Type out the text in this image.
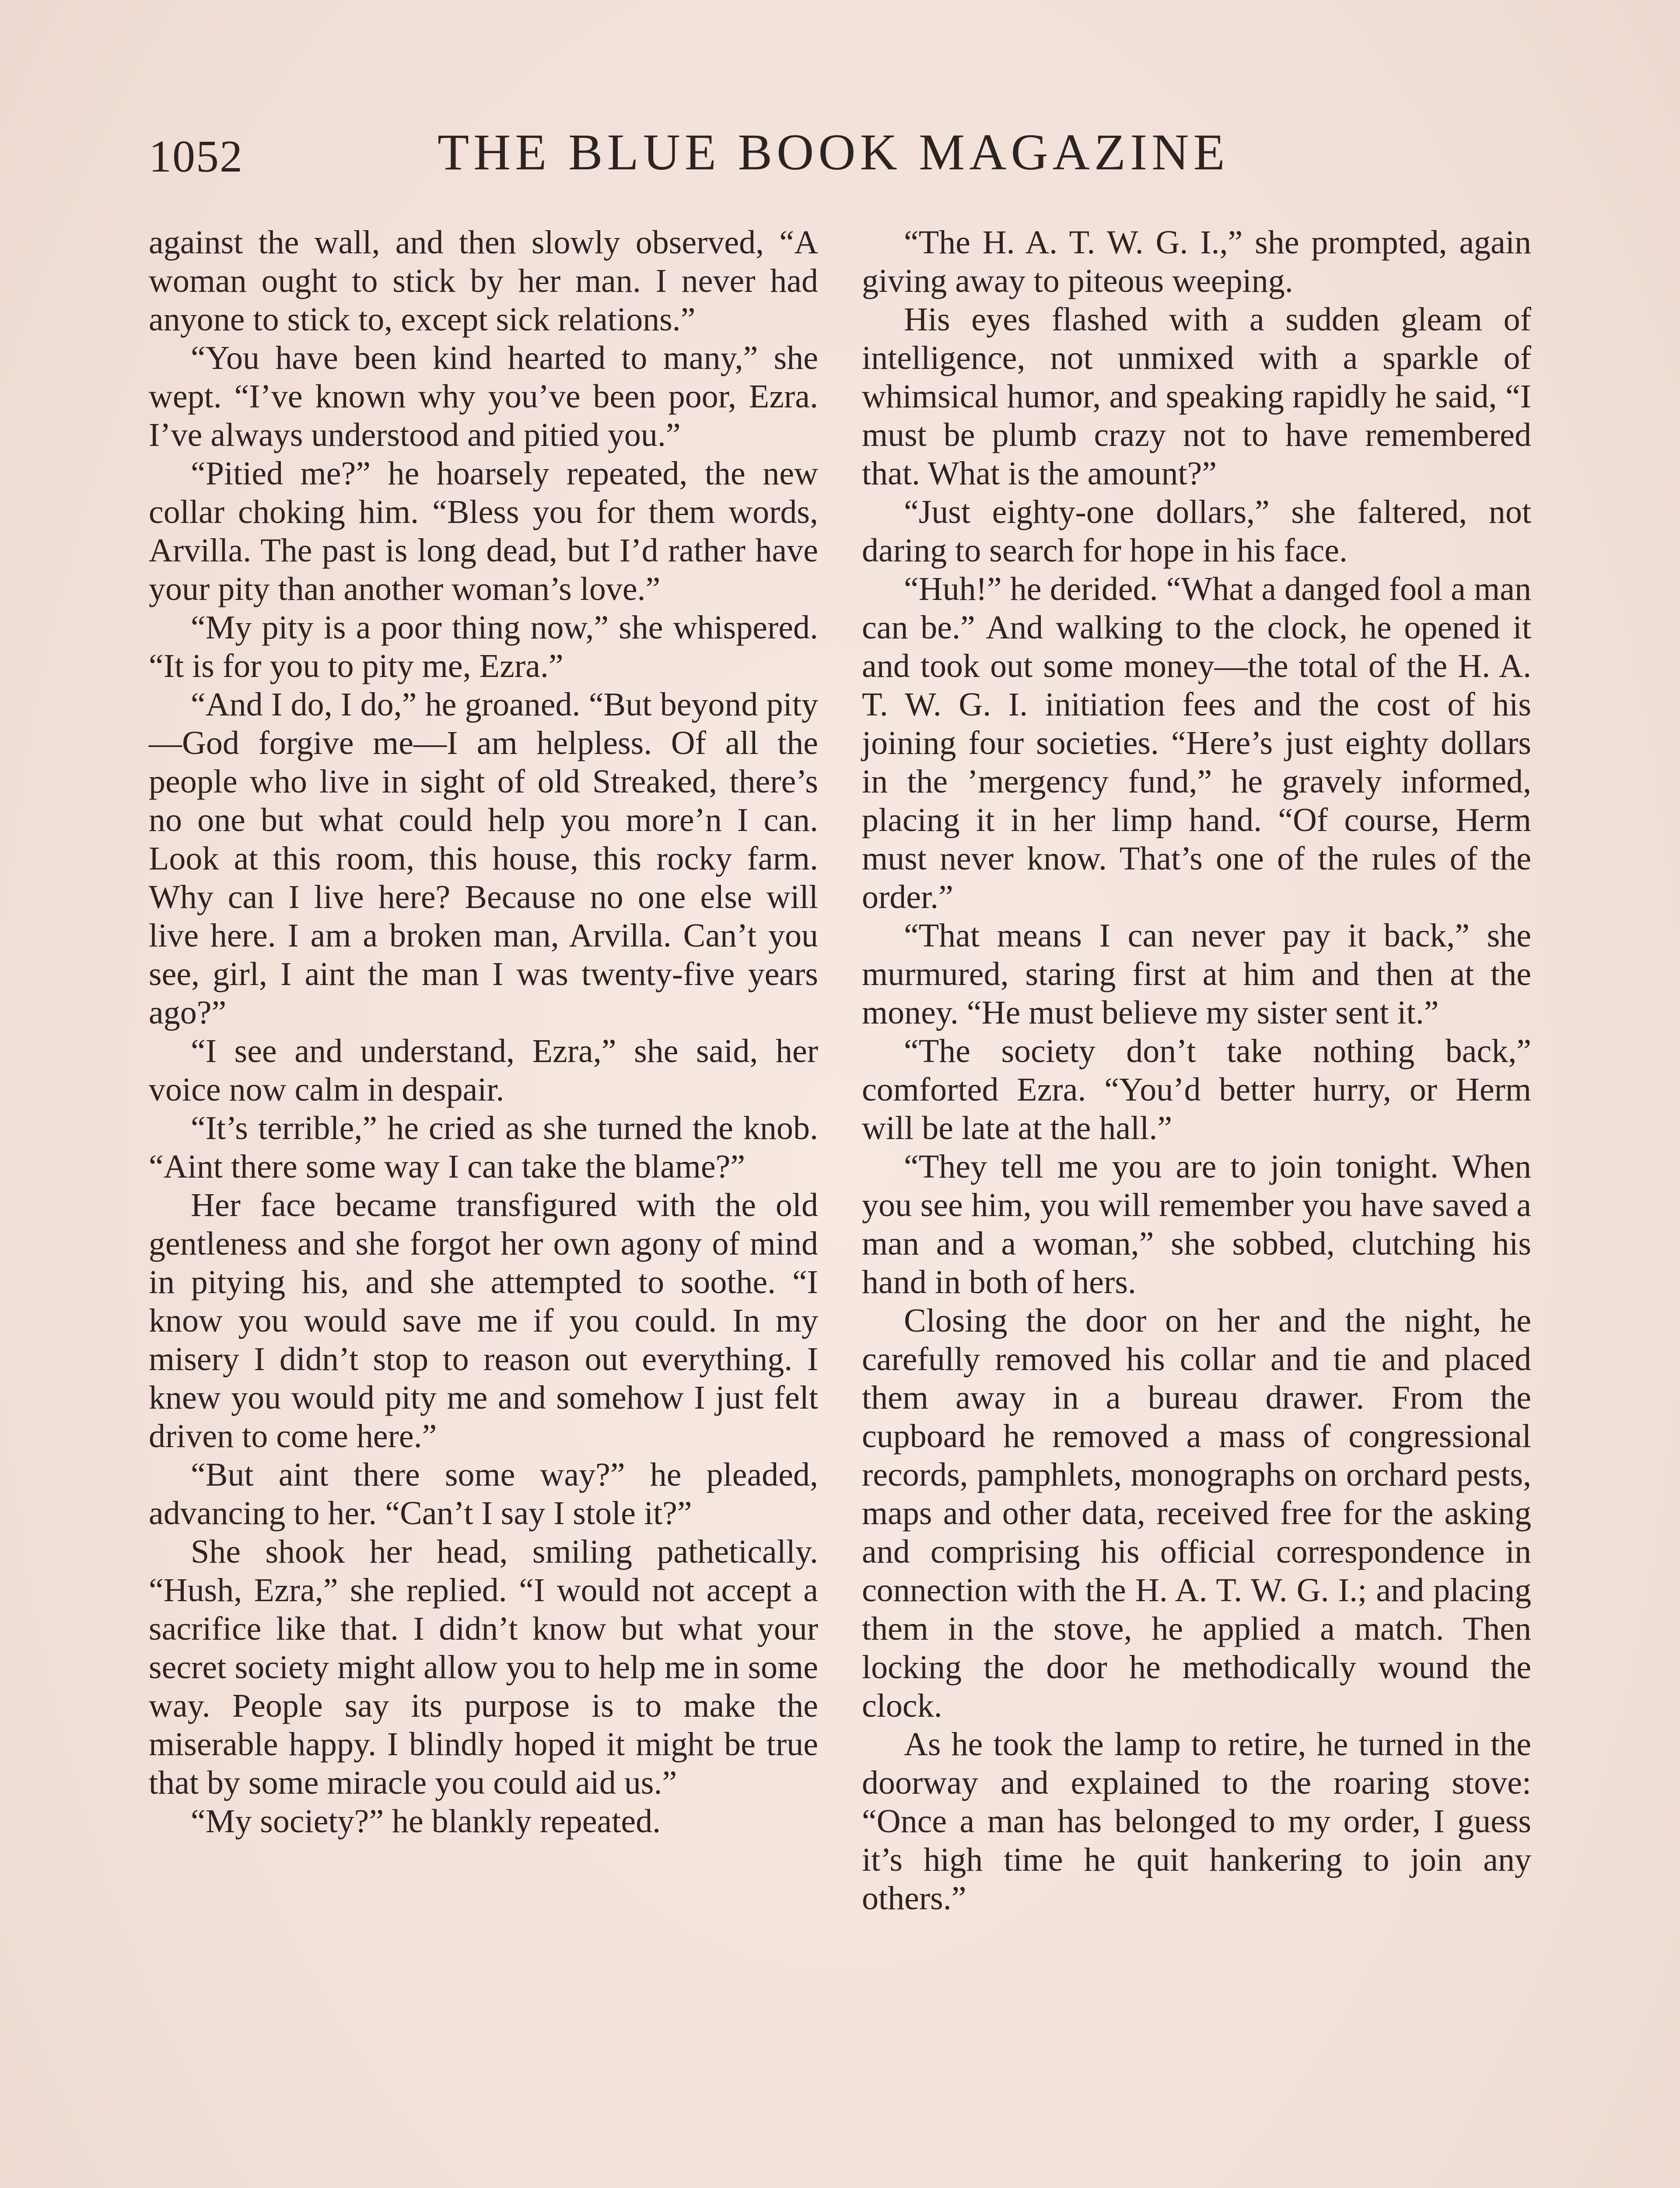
1052	THE BLUE BOOK MAGAZINE

against the wall, and then slowly observed, “A woman ought to stick by her man. I never had anyone to stick to, except sick relations.”

“You have been kind hearted to many,” she wept. “I’ve known why you’ve been poor, Ezra. I’ve always understood and pitied you.”

“Pitied me?” he hoarsely repeated, the new collar choking him. “Bless you for them words, Arvilla. The past is long dead, but I’d rather have your pity than another woman’s love.”

“My pity is a poor thing now,” she whispered. “It is for you to pity me, Ezra.”

“And I do, I do,” he groaned. “But beyond pity—God forgive me—I am helpless. Of all the people who live in sight of old Streaked, there’s no one but what could help you more’n I can. Look at this room, this house, this rocky farm. Why can I live here? Because no one else will live here. I am a broken man, Arvilla. Can’t you see, girl, I aint the man I was twenty-five years ago?”

“I see and understand, Ezra,” she said, her voice now calm in despair.

“It’s terrible,” he cried as she turned the knob. “Aint there some way I can take the blame?”

Her face became transfigured with the old gentleness and she forgot her own agony of mind in pitying his, and she attempted to soothe. “I know you would save me if you could. In my misery I didn’t stop to reason out everything. I knew you would pity me and somehow I just felt driven to come here.”

“But aint there some way?” he pleaded, advancing to her. “Can’t I say I stole it?”

She shook her head, smiling pathetically. “Hush, Ezra,” she replied. “I would not accept a sacrifice like that. I didn’t know but what your secret society might allow you to help me in some way. People say its purpose is to make the miserable happy. I blindly hoped it might be true that by some miracle you could aid us.”

“My society?” he blankly repeated.

“The H. A. T. W. G. I.,” she prompted, again giving away to piteous weeping.

His eyes flashed with a sudden gleam of intelligence, not unmixed with a sparkle of whimsical humor, and speaking rapidly he said, “I must be plumb crazy not to have remembered that. What is the amount?”

“Just eighty-one dollars,” she faltered, not daring to search for hope in his face.

“Huh!” he derided. “What a danged fool a man can be.” And walking to the clock, he opened it and took out some money—the total of the H. A. T. W. G. I. initiation fees and the cost of his joining four societies. “Here’s just eighty dollars in the ’mergency fund,” he gravely informed, placing it in her limp hand. “Of course, Herm must never know. That’s one of the rules of the order.”

“That means I can never pay it back,” she murmured, staring first at him and then at the money. “He must believe my sister sent it.”

“The society don’t take nothing back,” comforted Ezra. “You’d better hurry, or Herm will be late at the hall.”

“They tell me you are to join tonight. When you see him, you will remember you have saved a man and a woman,” she sobbed, clutching his hand in both of hers.

Closing the door on her and the night, he carefully removed his collar and tie and placed them away in a bureau drawer. From the cupboard he removed a mass of congressional records, pamphlets, monographs on orchard pests, maps and other data, received free for the asking and comprising his official correspondence in connection with the H. A. T. W. G. I.; and placing them in the stove, he applied a match. Then locking the door he methodically wound the clock.

As he took the lamp to retire, he turned in the doorway and explained to the roaring stove: “Once a man has belonged to my order, I guess it’s high time he quit hankering to join any others.”
